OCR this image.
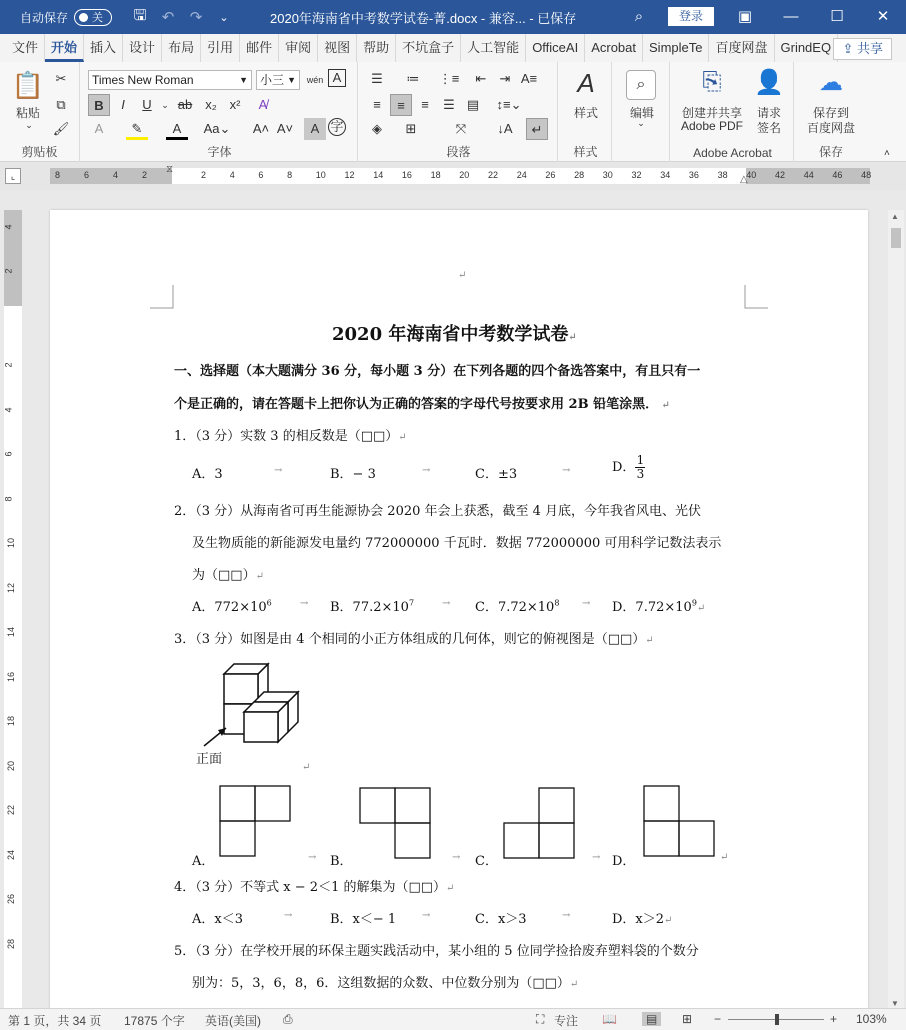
自动保存 关	🖫	↶	↷	⌄	2020年海南省中考数学试卷-菁.docx - 兼容... - 已保存	⌕	登录	▣	—	☐	✕
文件	开始	插入	设计	布局	引用	邮件	审阅	视图	帮助	不坑盒子	人工智能	OfficeAI	Acrobat	SimpleTe	百度网盘	GrindEQ ⇪ 共享
📋
粘贴
⌄
✂
⧉
🖌
剪贴板
Times New Roman	▼	小三 ▼	wén A
B	I	U	⌄ ab x₂ x²	A̸
A	✎	A	Aa⌄ A˄ A˅	A 字
字体
☰	≔	⋮≡	⇤	⇥ A≡
≡	≡	≡	☰ ▤	↕≡⌄
◈	⊞	⤧	↓A	↵
段落
A
样式
样式
⌕
编辑
⌄
⎘
创建并共享
Adobe PDF
👤
请求
签名
Adobe Acrobat
☁
保存到
百度网盘
保存	˄
⌞	8	6	4	2	2	4	6	8	10 12 14 16 18 20 22 24 26 28 30 32 34 36 38 40 42 44 46 48
⧖
△
4
2
2
4
6
8
10
12
14
16
18
20
22
24
26
28
↵
2020 年海南省中考数学试卷↵
一、选择题（本大题满分 36 分，每小题 3 分）在下列各题的四个备选答案中，有且只有一
个是正确的，请在答题卡上把你认为正确的答案的字母代号按要求用 2B 铅笔涂黑． ↵
1．（3 分）实数 3 的相反数是（□□）↵
A．3	→	B．− 3	→	C．±3	→	D． $\frac{1}{3}$
2．（3 分）从海南省可再生能源协会 2020 年会上获悉，截至 4 月底，今年我省风电、光伏
及生物质能的新能源发电量约 772000000 千瓦时．数据 772000000 可用科学记数法表示
为（□□）↵
A．$772\times 10^6$	→ B．$77.2\times 10^7$	→ C．$7.72\times 10^8 \to D$．$7.72\times 10^9↵$
3．（3 分）如图是由 4 个相同的小正方体组成的几何体，则它的俯视图是（□□）↵
正面
↵
A．	→ B．	→ C．	→ D．	↵
4．（3 分）不等式 x − 2＜1 的解集为（□□）↵
A．x＜3	→	B．x＜− 1	→	C．x＞3	→	D．x＞2↵
5．（3 分）在学校开展的环保主题实践活动中，某小组的 5 位同学捡拾废弃塑料袋的个数分
别为：5，3，6，8，6．这组数据的众数、中位数分别为（□□）↵
▲
▼
第 1 页，共 34 页 17875 个字 英语(美国) ⎙	⛶ 专注 📖	▤	⊞ −	+ 103%
